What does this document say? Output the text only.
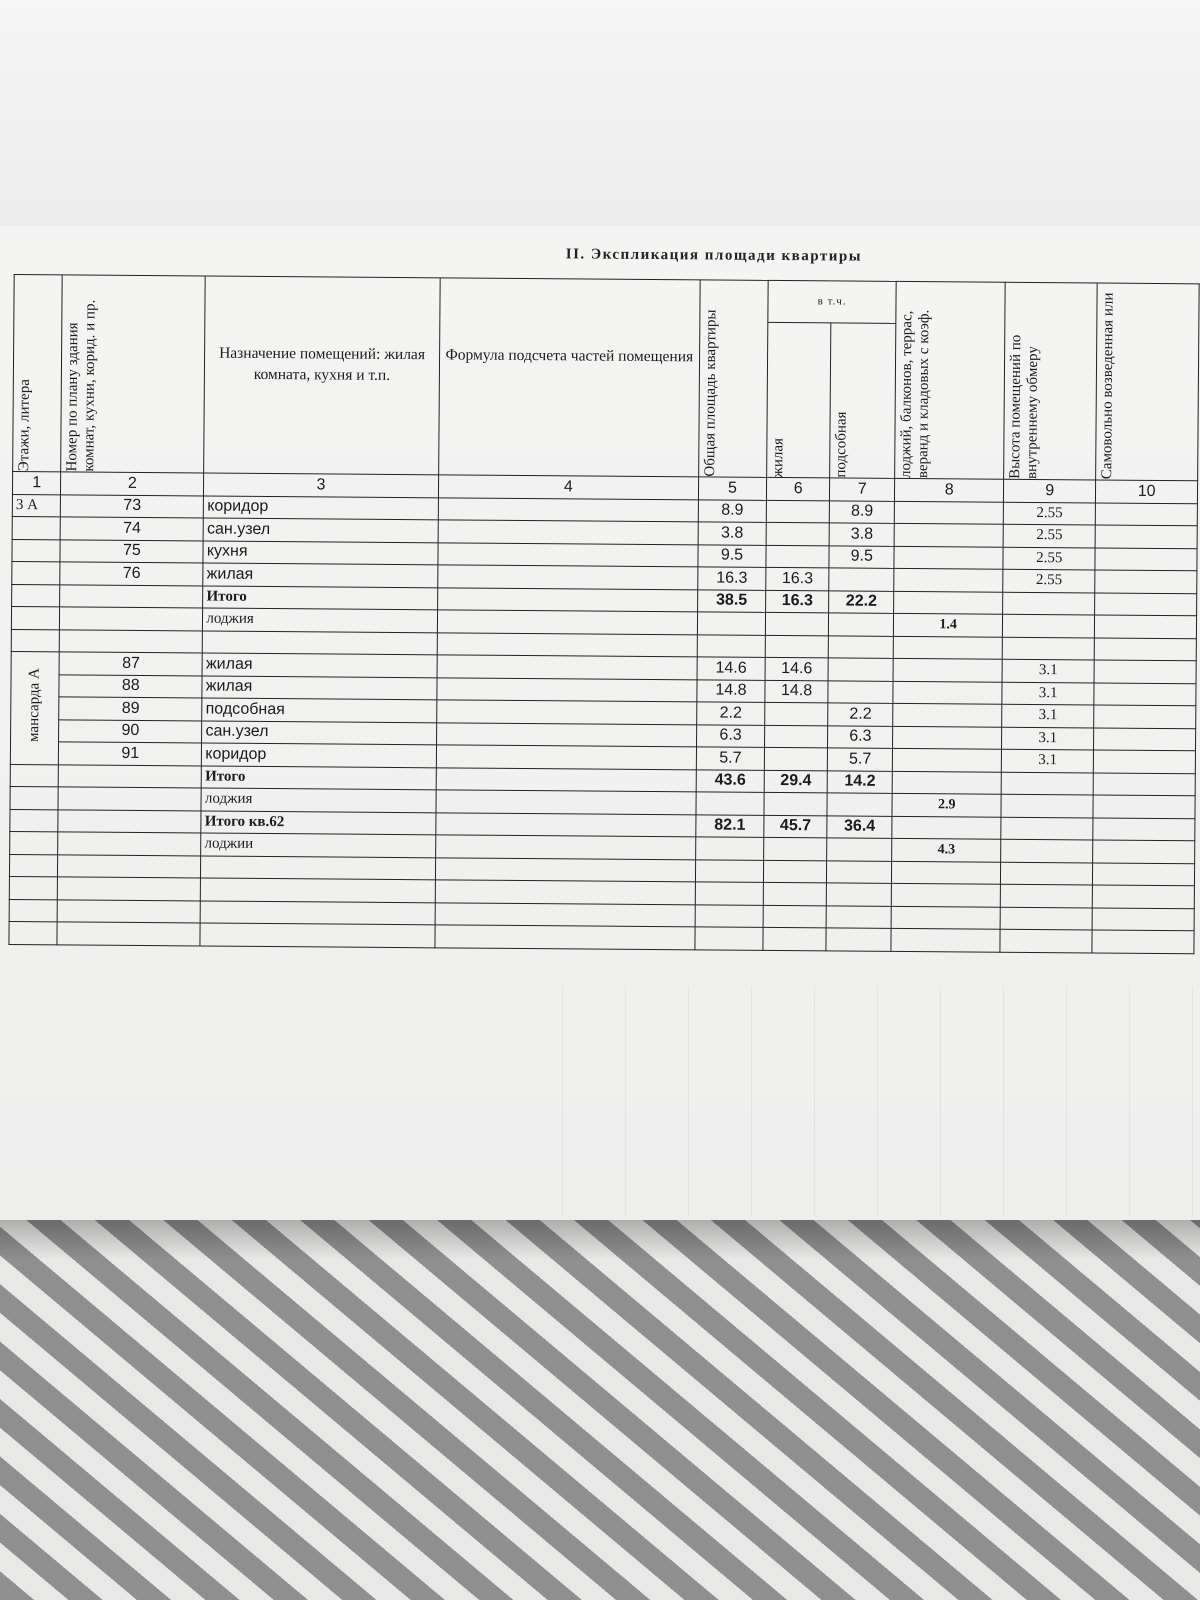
II. Экспликация площади квартиры
Этажи, литера	Номер по плану здания комнат, кухни, корид. и пр.	Назначение помещений: жилая комната, кухня и т.п.	Формула подсчета частей помещения	Общая площадь квартиры	в т.ч.		лоджий, балконов, террас, веранд и кладовых с коэф.	Высота помещений по внутреннему обмеру	Самовольно возведенная или

					жилая	подсобная			

1	2	3	4	5	6	7	8	9	10
3 А	73	коридор		8.9		8.9		2.55	
	74	сан.узел		3.8		3.8		2.55	
	75	кухня		9.5		9.5		2.55	
	76	жилая		16.3	16.3			2.55	
		Итого		38.5	16.3	22.2			
		лоджия					1.4		

мансарда А	87	жилая		14.6	14.6			3.1	
	88	жилая		14.8	14.8			3.1	
	89	подсобная		2.2		2.2		3.1	
	90	сан.узел		6.3		6.3		3.1	
	91	коридор		5.7		5.7		3.1	
		Итого		43.6	29.4	14.2			
		лоджия					2.9		
		Итого кв.62		82.1	45.7	36.4			
		лоджии					4.3		
